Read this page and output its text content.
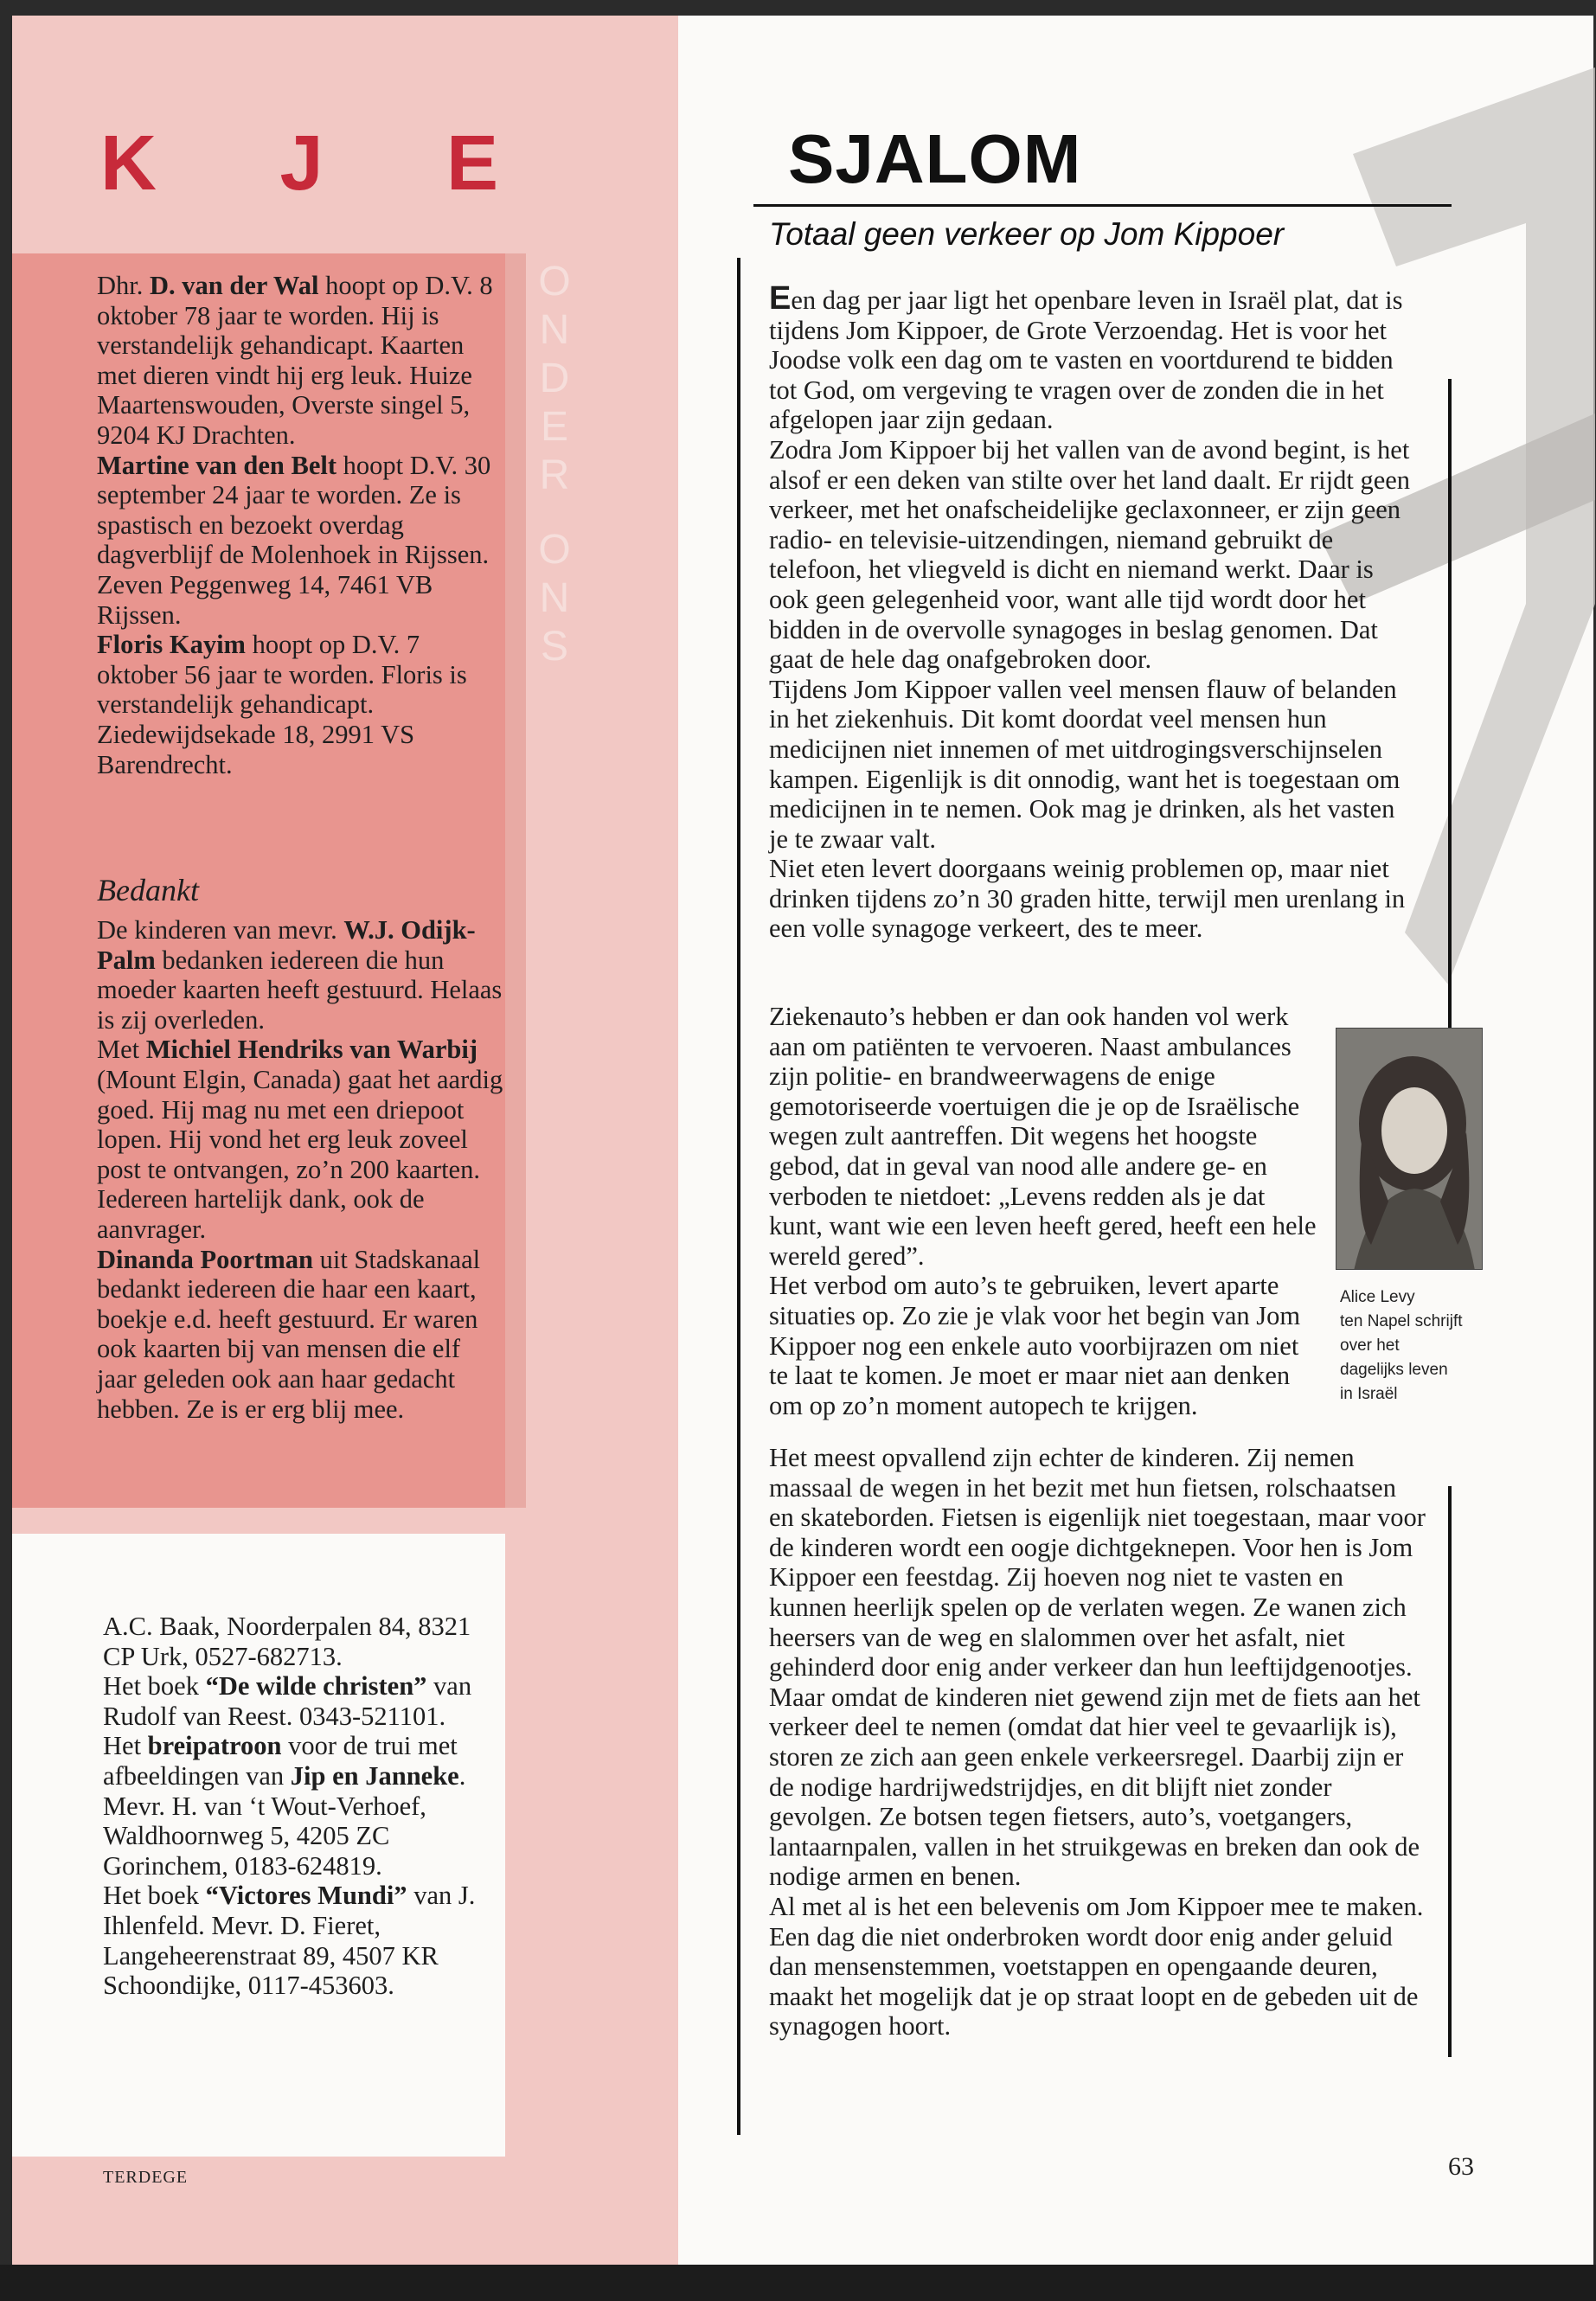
K J E
O
N
D
E
R
O
N
S

Dhr. D. van der Wal hoopt op D.V. 8 oktober 78 jaar te worden. Hij is verstandelijk gehandicapt. Kaarten met dieren vindt hij erg leuk. Huize Maartenswouden, Overste singel 5, 9204 KJ Drachten.

Martine van den Belt hoopt D.V. 30 september 24 jaar te worden. Ze is spastisch en bezoekt overdag dagverblijf de Molenhoek in Rijssen. Zeven Peggenweg 14, 7461 VB Rijssen.

Floris Kayim hoopt op D.V. 7 oktober 56 jaar te worden. Floris is verstandelijk gehandicapt. Ziedewijdsekade 18, 2991 VS Barendrecht.

Bedankt

De kinderen van mevr. W.J. Odijk-Palm bedanken iedereen die hun moeder kaarten heeft gestuurd. Helaas is zij overleden.

Met Michiel Hendriks van Warbij (Mount Elgin, Canada) gaat het aardig goed. Hij mag nu met een driepoot lopen. Hij vond het erg leuk zoveel post te ontvangen, zo’n 200 kaarten. Iedereen hartelijk dank, ook de aanvrager.

Dinanda Poortman uit Stadskanaal bedankt iedereen die haar een kaart, boekje e.d. heeft gestuurd. Er waren ook kaarten bij van mensen die elf jaar geleden ook aan haar gedacht hebben. Ze is er erg blij mee.

A.C. Baak, Noorderpalen 84, 8321 CP Urk, 0527-682713.

Het boek “De wilde christen” van Rudolf van Reest. 0343-521101.

Het breipatroon voor de trui met afbeeldingen van Jip en Janneke. Mevr. H. van ‘t Wout-Verhoef, Waldhoornweg 5, 4205 ZC Gorinchem, 0183-624819.

Het boek “Victores Mundi” van J. Ihlenfeld. Mevr. D. Fieret, Langeheerenstraat 89, 4507 KR Schoondijke, 0117-453603.

TERDEGE
SJALOM
Totaal geen verkeer op Jom Kippoer

Een dag per jaar ligt het openbare leven in Israël plat, dat is tijdens Jom Kippoer, de Grote Verzoendag. Het is voor het Joodse volk een dag om te vasten en voortdurend te bidden tot God, om vergeving te vragen over de zonden die in het afgelopen jaar zijn gedaan.

Zodra Jom Kippoer bij het vallen van de avond begint, is het alsof er een deken van stilte over het land daalt. Er rijdt geen verkeer, met het onafscheidelijke geclaxonneer, er zijn geen radio- en televisie-uitzendingen, niemand gebruikt de telefoon, het vliegveld is dicht en niemand werkt. Daar is ook geen gelegenheid voor, want alle tijd wordt door het bidden in de overvolle synagoges in beslag genomen. Dat gaat de hele dag onafgebroken door.

Tijdens Jom Kippoer vallen veel mensen flauw of belanden in het ziekenhuis. Dit komt doordat veel mensen hun medicijnen niet innemen of met uitdrogingsverschijnselen kampen. Eigenlijk is dit onnodig, want het is toegestaan om medicijnen in te nemen. Ook mag je drinken, als het vasten je te zwaar valt.

Niet eten levert doorgaans weinig problemen op, maar niet drinken tijdens zo’n 30 graden hitte, terwijl men urenlang in een volle synagoge verkeert, des te meer.

Ziekenauto’s hebben er dan ook handen vol werk aan om patiënten te vervoeren. Naast ambulances zijn politie- en brandweerwagens de enige gemotoriseerde voertuigen die je op de Israëlische wegen zult aantreffen. Dit wegens het hoogste gebod, dat in geval van nood alle andere ge- en verboden te nietdoet: „Levens redden als je dat kunt, want wie een leven heeft gered, heeft een hele wereld gered”.

Het verbod om auto’s te gebruiken, levert aparte situaties op. Zo zie je vlak voor het begin van Jom Kippoer nog een enkele auto voorbijrazen om niet te laat te komen. Je moet er maar niet aan denken om op zo’n moment autopech te krijgen.

Alice Levy
ten Napel schrijft
over het
dagelijks leven
in Israël

Het meest opvallend zijn echter de kinderen. Zij nemen massaal de wegen in het bezit met hun fietsen, rolschaatsen en skateborden. Fietsen is eigenlijk niet toegestaan, maar voor de kinderen wordt een oogje dichtgeknepen. Voor hen is Jom Kippoer een feestdag. Zij hoeven nog niet te vasten en kunnen heerlijk spelen op de verlaten wegen. Ze wanen zich heersers van de weg en slalommen over het asfalt, niet gehinderd door enig ander verkeer dan hun leeftijdgenootjes. Maar omdat de kinderen niet gewend zijn met de fiets aan het verkeer deel te nemen (omdat dat hier veel te gevaarlijk is), storen ze zich aan geen enkele verkeersregel. Daarbij zijn er de nodige hardrijwedstrijdjes, en dit blijft niet zonder gevolgen. Ze botsen tegen fietsers, auto’s, voetgangers, lantaarnpalen, vallen in het struikgewas en breken dan ook de nodige armen en benen.

Al met al is het een belevenis om Jom Kippoer mee te maken. Een dag die niet onderbroken wordt door enig ander geluid dan mensenstemmen, voetstappen en opengaande deuren, maakt het mogelijk dat je op straat loopt en de gebeden uit de synagogen hoort.

63
